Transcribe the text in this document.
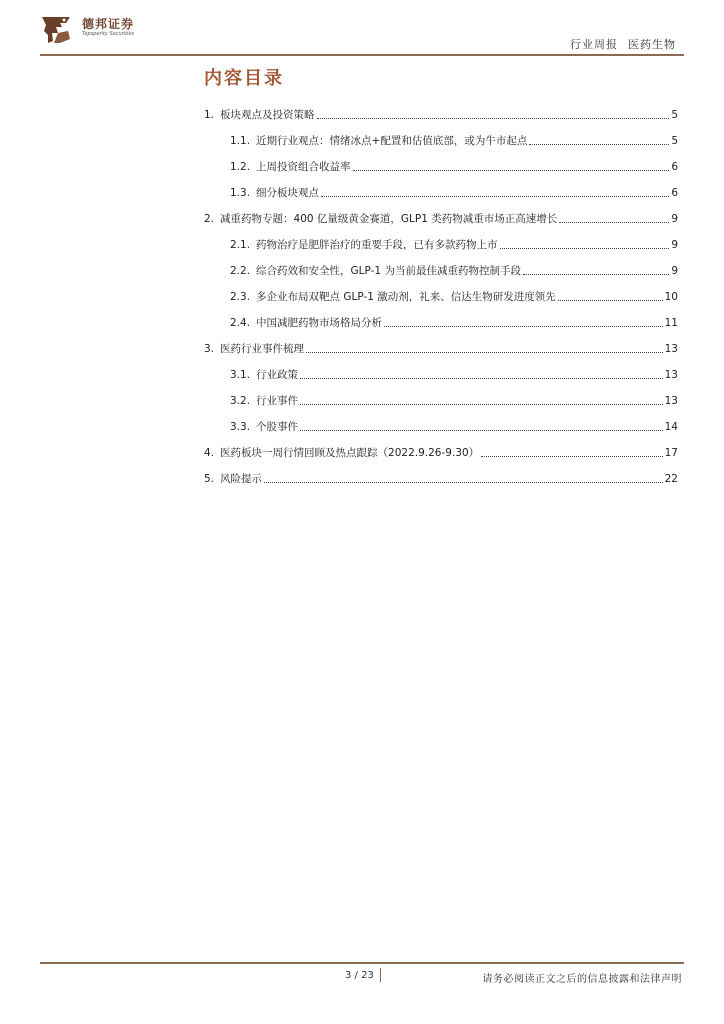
德邦证券
Topsperity Securities
行业周报 医药生物
内容目录
1. 板块观点及投资策略	5
1.1. 近期行业观点：情绪冰点+配置和估值底部，或为牛市起点	5
1.2. 上周投资组合收益率	6
1.3. 细分板块观点	6
2. 减重药物专题：400 亿量级黄金赛道，GLP1 类药物减重市场正高速增长	9
2.1. 药物治疗是肥胖治疗的重要手段，已有多款药物上市	9
2.2. 综合药效和安全性，GLP-1 为当前最佳减重药物控制手段	9
2.3. 多企业布局双靶点 GLP-1 激动剂，礼来、信达生物研发进度领先	10
2.4. 中国减肥药物市场格局分析	11
3. 医药行业事件梳理	13
3.1. 行业政策	13
3.2. 行业事件	13
3.3. 个股事件	14
4. 医药板块一周行情回顾及热点跟踪（2022.9.26-9.30）	17
5. 风险提示	22
3 / 23	请务必阅读正文之后的信息披露和法律声明
